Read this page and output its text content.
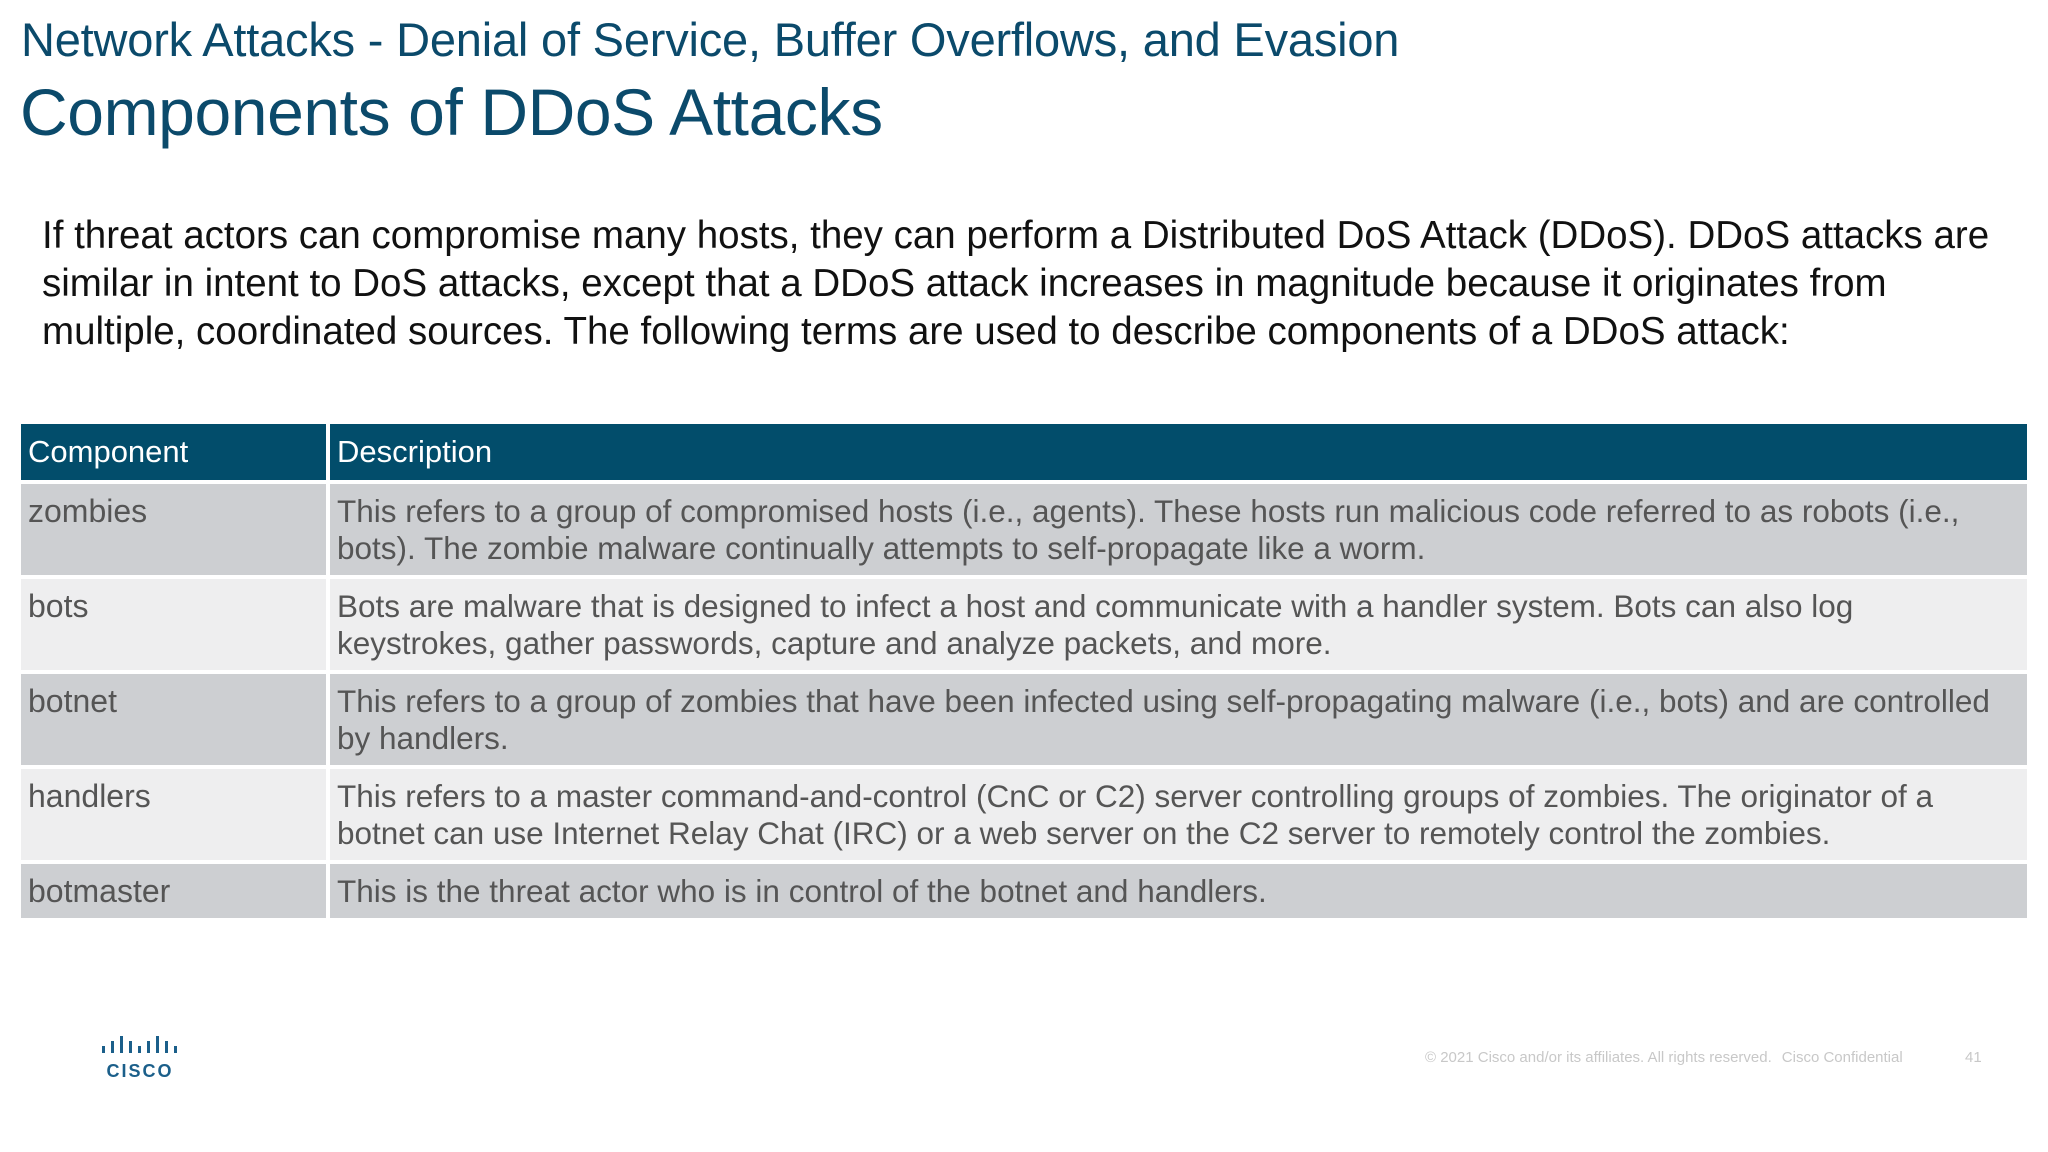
Network Attacks - Denial of Service, Buffer Overflows, and Evasion
Components of DDoS Attacks
If threat actors can compromise many hosts, they can perform a Distributed DoS Attack (DDoS). DDoS attacks are
similar in intent to DoS attacks, except that a DDoS attack increases in magnitude because it originates from
multiple, coordinated sources. The following terms are used to describe components of a DDoS attack:
Component	Description
zombies	This refers to a group of compromised hosts (i.e., agents). These hosts run malicious code referred to as robots (i.e., bots). The zombie malware continually attempts to self-propagate like a worm.
bots	Bots are malware that is designed to infect a host and communicate with a handler system. Bots can also log keystrokes, gather passwords, capture and analyze packets, and more.
botnet	This refers to a group of zombies that have been infected using self-propagating malware (i.e., bots) and are controlled by handlers.
handlers	This refers to a master command-and-control (CnC or C2) server controlling groups of zombies. The originator of a botnet can use Internet Relay Chat (IRC) or a web server on the C2 server to remotely control the zombies.
botmaster	This is the threat actor who is in control of the botnet and handlers.
CISCO
© 2021 Cisco and/or its affiliates. All rights reserved. Cisco Confidential	41
